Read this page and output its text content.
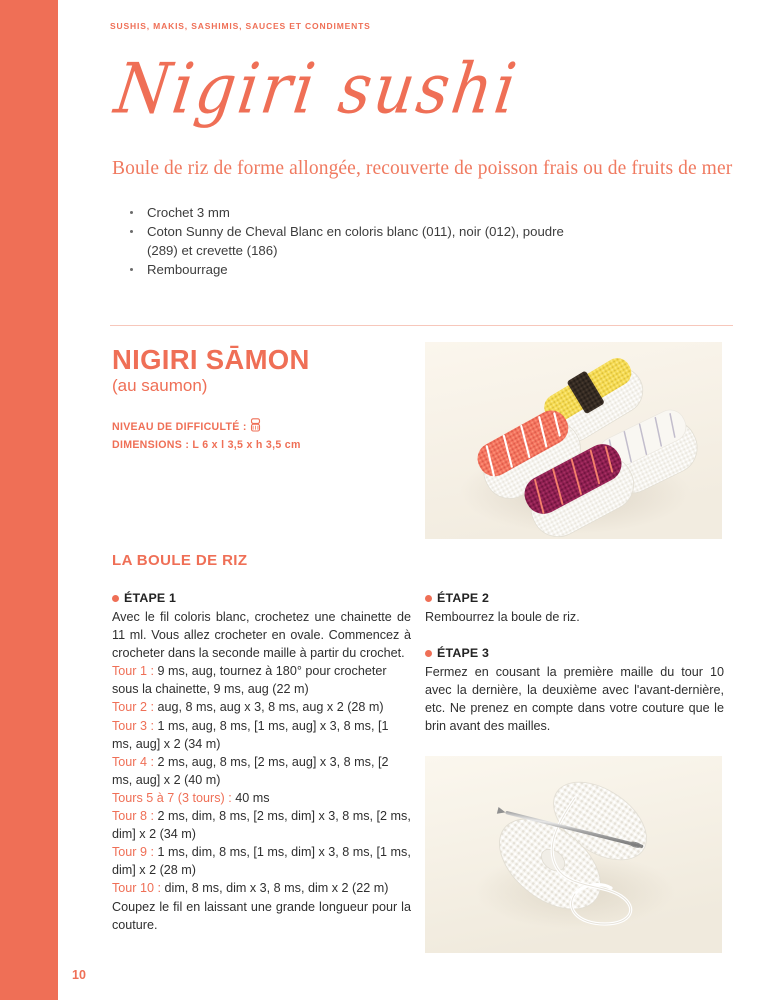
SUSHIS, MAKIS, SASHIMIS, SAUCES ET CONDIMENTS
Nigiri sushi
Boule de riz de forme allongée, recouverte de poisson frais ou de fruits de mer
Crochet 3 mm
Coton Sunny de Cheval Blanc en coloris blanc (011), noir (012), poudre (289) et crevette (186)
Rembourrage
NIGIRI SĀMON
(au saumon)
NIVEAU DE DIFFICULTÉ :
DIMENSIONS :
L 6 x l 3,5 x h 3,5 cm
LA BOULE DE RIZ
ÉTAPE 1
Avec le fil coloris blanc, crochetez une chainette de 11 ml. Vous allez crocheter en ovale. Commencez à crocheter dans la seconde maille à partir du crochet.
Tour 1 : 9 ms, aug, tournez à 180° pour crocheter sous la chainette, 9 ms, aug (22 m)
Tour 2 : aug, 8 ms, aug x 3, 8 ms, aug x 2 (28 m)
Tour 3 : 1 ms, aug, 8 ms, [1 ms, aug] x 3, 8 ms, [1 ms, aug] x 2 (34 m)
Tour 4 : 2 ms, aug, 8 ms, [2 ms, aug] x 3, 8 ms, [2 ms, aug] x 2 (40 m)
Tours 5 à 7 (3 tours) : 40 ms
Tour 8 : 2 ms, dim, 8 ms, [2 ms, dim] x 3, 8 ms, [2 ms, dim] x 2 (34 m)
Tour 9 : 1 ms, dim, 8 ms, [1 ms, dim] x 3, 8 ms, [1 ms, dim] x 2 (28 m)
Tour 10 : dim, 8 ms, dim x 3, 8 ms, dim x 2 (22 m)
Coupez le fil en laissant une grande longueur pour la couture.
ÉTAPE 2
Rembourrez la boule de riz.
ÉTAPE 3
Fermez en cousant la première maille du tour 10 avec la dernière, la deuxième avec l'avant-dernière, etc. Ne prenez en compte dans votre couture que le brin avant des mailles.
10
